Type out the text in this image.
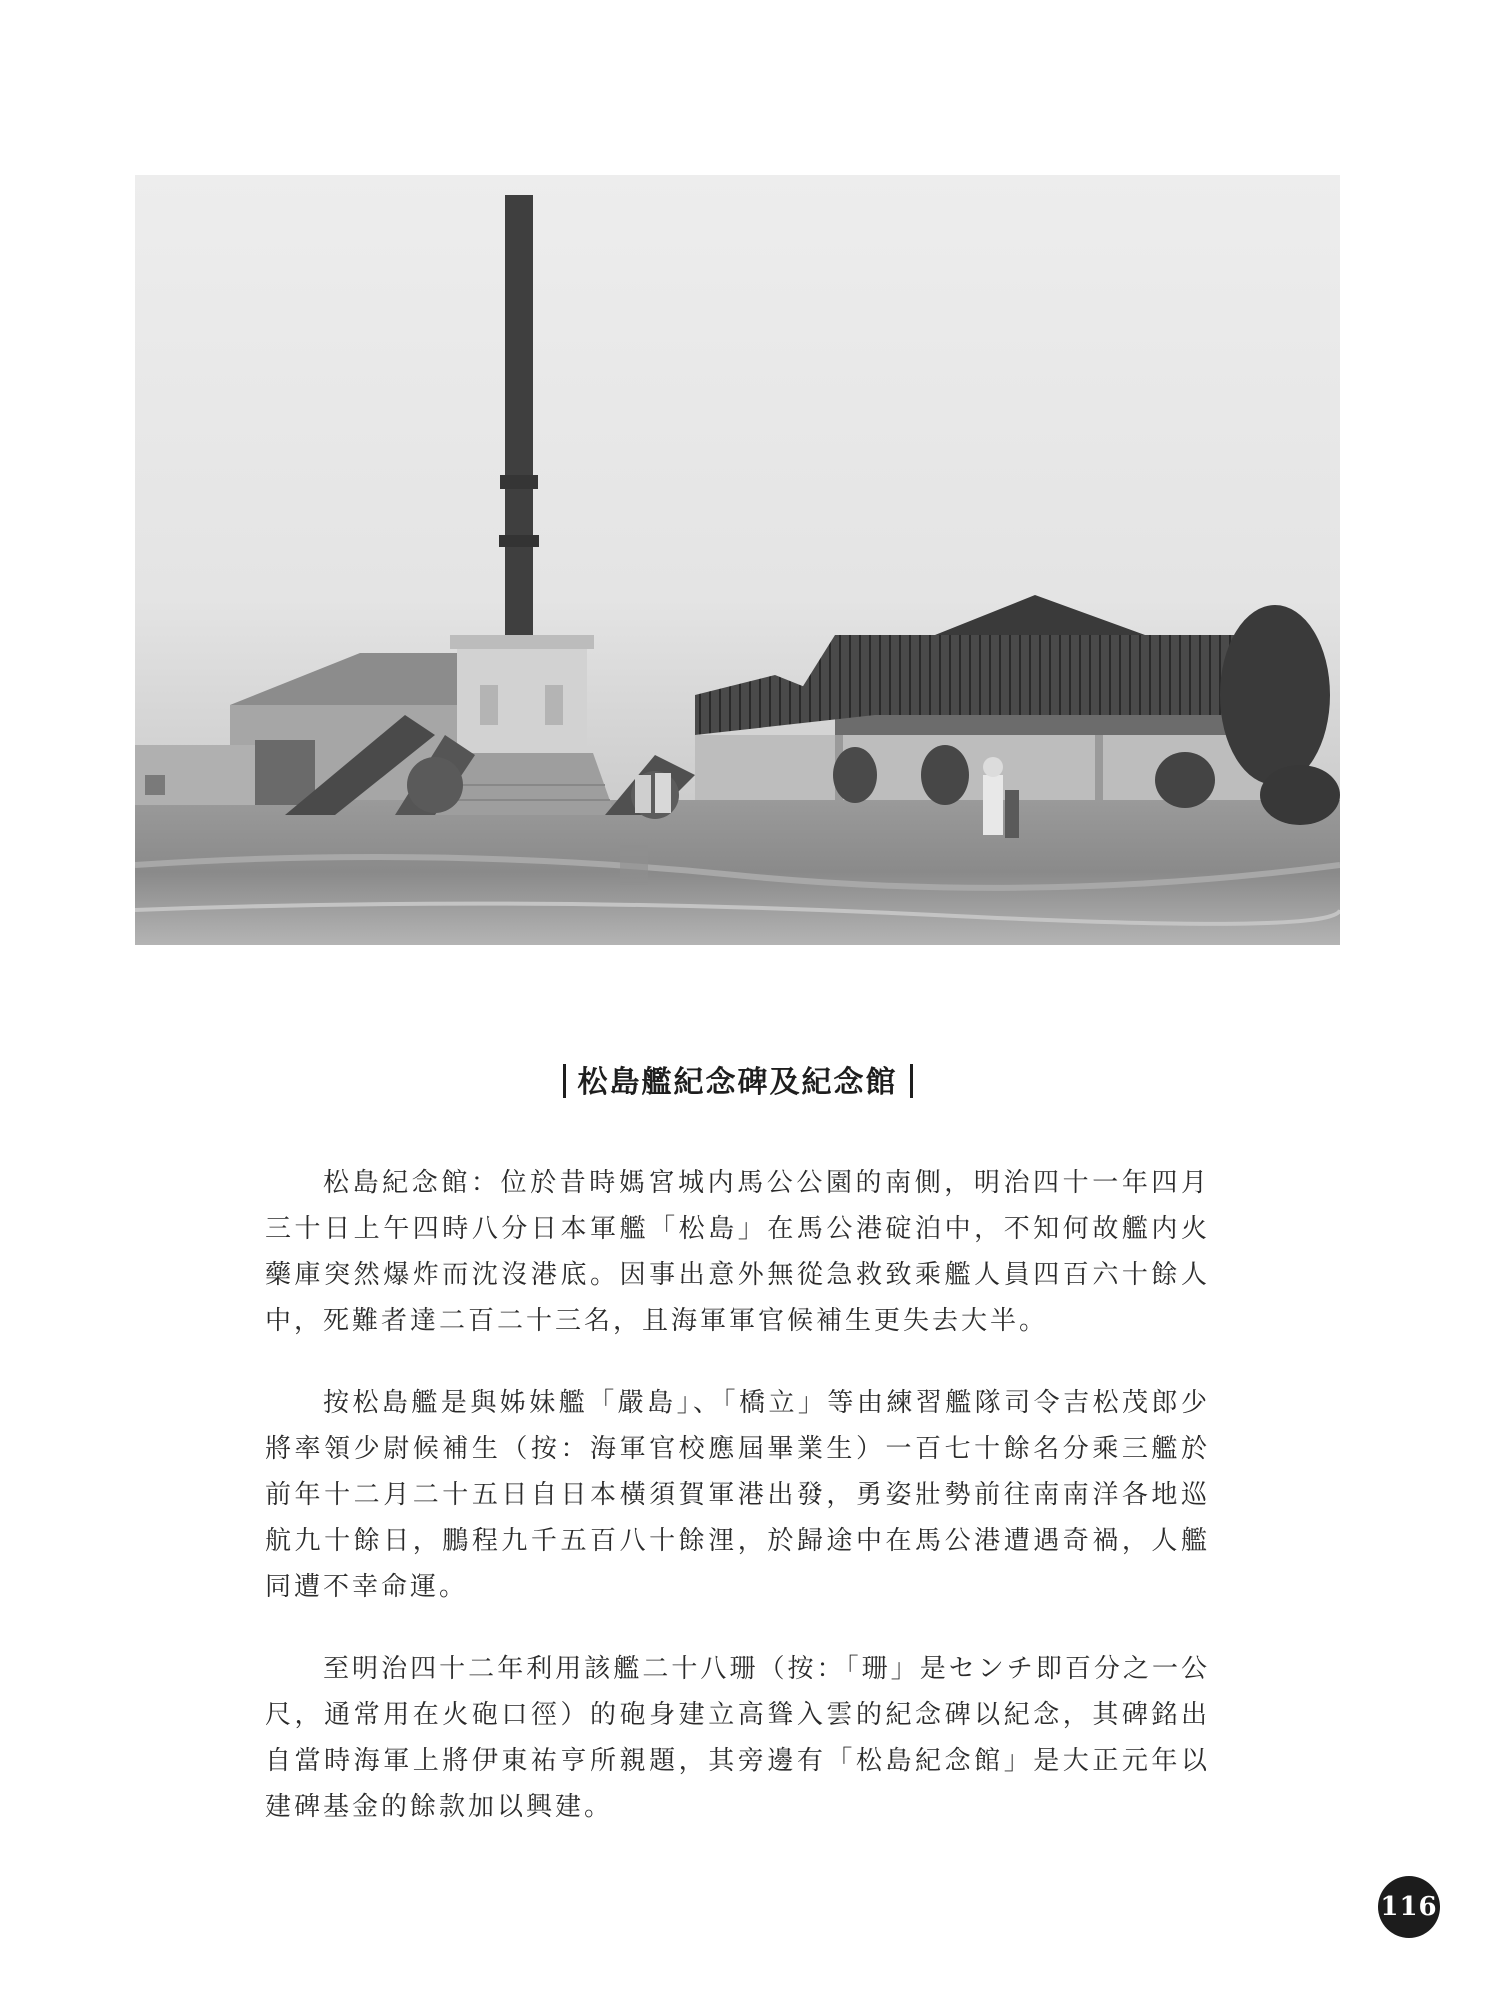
松島艦紀念碑及紀念館

松島紀念館：位於昔時媽宮城内馬公公園的南側，明治四十一年四月三十日上午四時八分日本軍艦「松島」在馬公港碇泊中，不知何故艦内火藥庫突然爆炸而沈沒港底。因事出意外無從急救致乘艦人員四百六十餘人中，死難者達二百二十三名，且海軍軍官候補生更失去大半。

按松島艦是與姊妹艦「嚴島」、「橋立」等由練習艦隊司令吉松茂郎少將率領少尉候補生（按：海軍官校應屆畢業生）一百七十餘名分乘三艦於前年十二月二十五日自日本橫須賀軍港出發，勇姿壯勢前往南南洋各地巡航九十餘日，鵬程九千五百八十餘浬，於歸途中在馬公港遭遇奇禍，人艦同遭不幸命運。

至明治四十二年利用該艦二十八珊（按：「珊」是センチ即百分之一公尺，通常用在火砲口徑）的砲身建立高聳入雲的紀念碑以紀念，其碑銘出自當時海軍上將伊東祐亨所親題，其旁邊有「松島紀念館」是大正元年以建碑基金的餘款加以興建。

116
